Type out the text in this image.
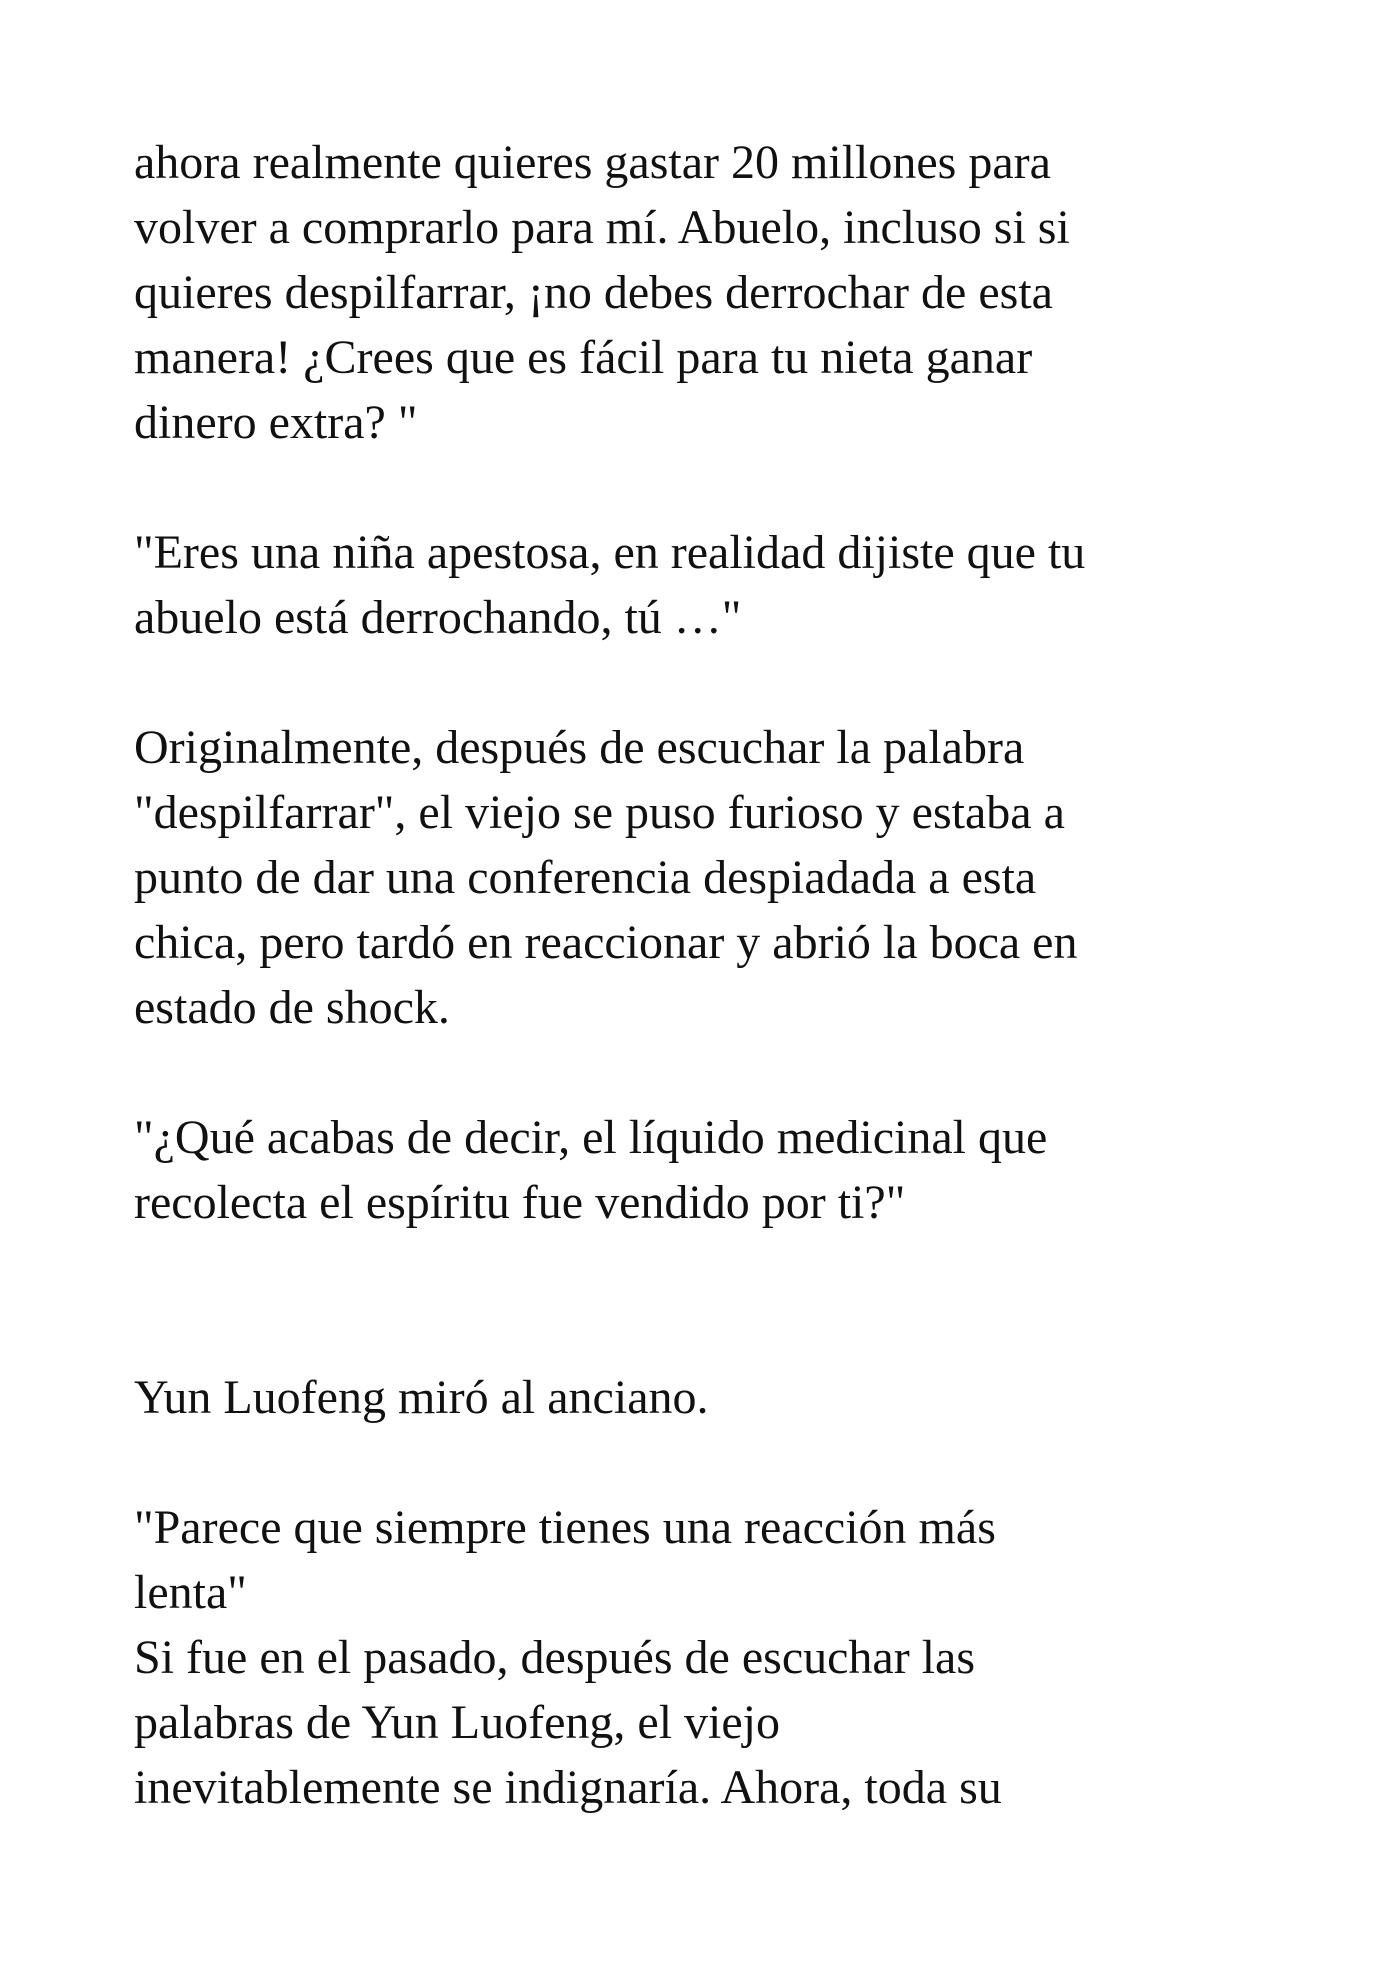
ahora realmente quieres gastar 20 millones para
volver a comprarlo para mí. Abuelo, incluso si si
quieres despilfarrar, ¡no debes derrochar de esta
manera! ¿Crees que es fácil para tu nieta ganar
dinero extra? "

"Eres una niña apestosa, en realidad dijiste que tu
abuelo está derrochando, tú …"

Originalmente, después de escuchar la palabra
"despilfarrar", el viejo se puso furioso y estaba a
punto de dar una conferencia despiadada a esta
chica, pero tardó en reaccionar y abrió la boca en
estado de shock.

"¿Qué acabas de decir, el líquido medicinal que
recolecta el espíritu fue vendido por ti?"

Yun Luofeng miró al anciano.

"Parece que siempre tienes una reacción más
lenta"

Si fue en el pasado, después de escuchar las
palabras de Yun Luofeng, el viejo
inevitablemente se indignaría. Ahora, toda su
